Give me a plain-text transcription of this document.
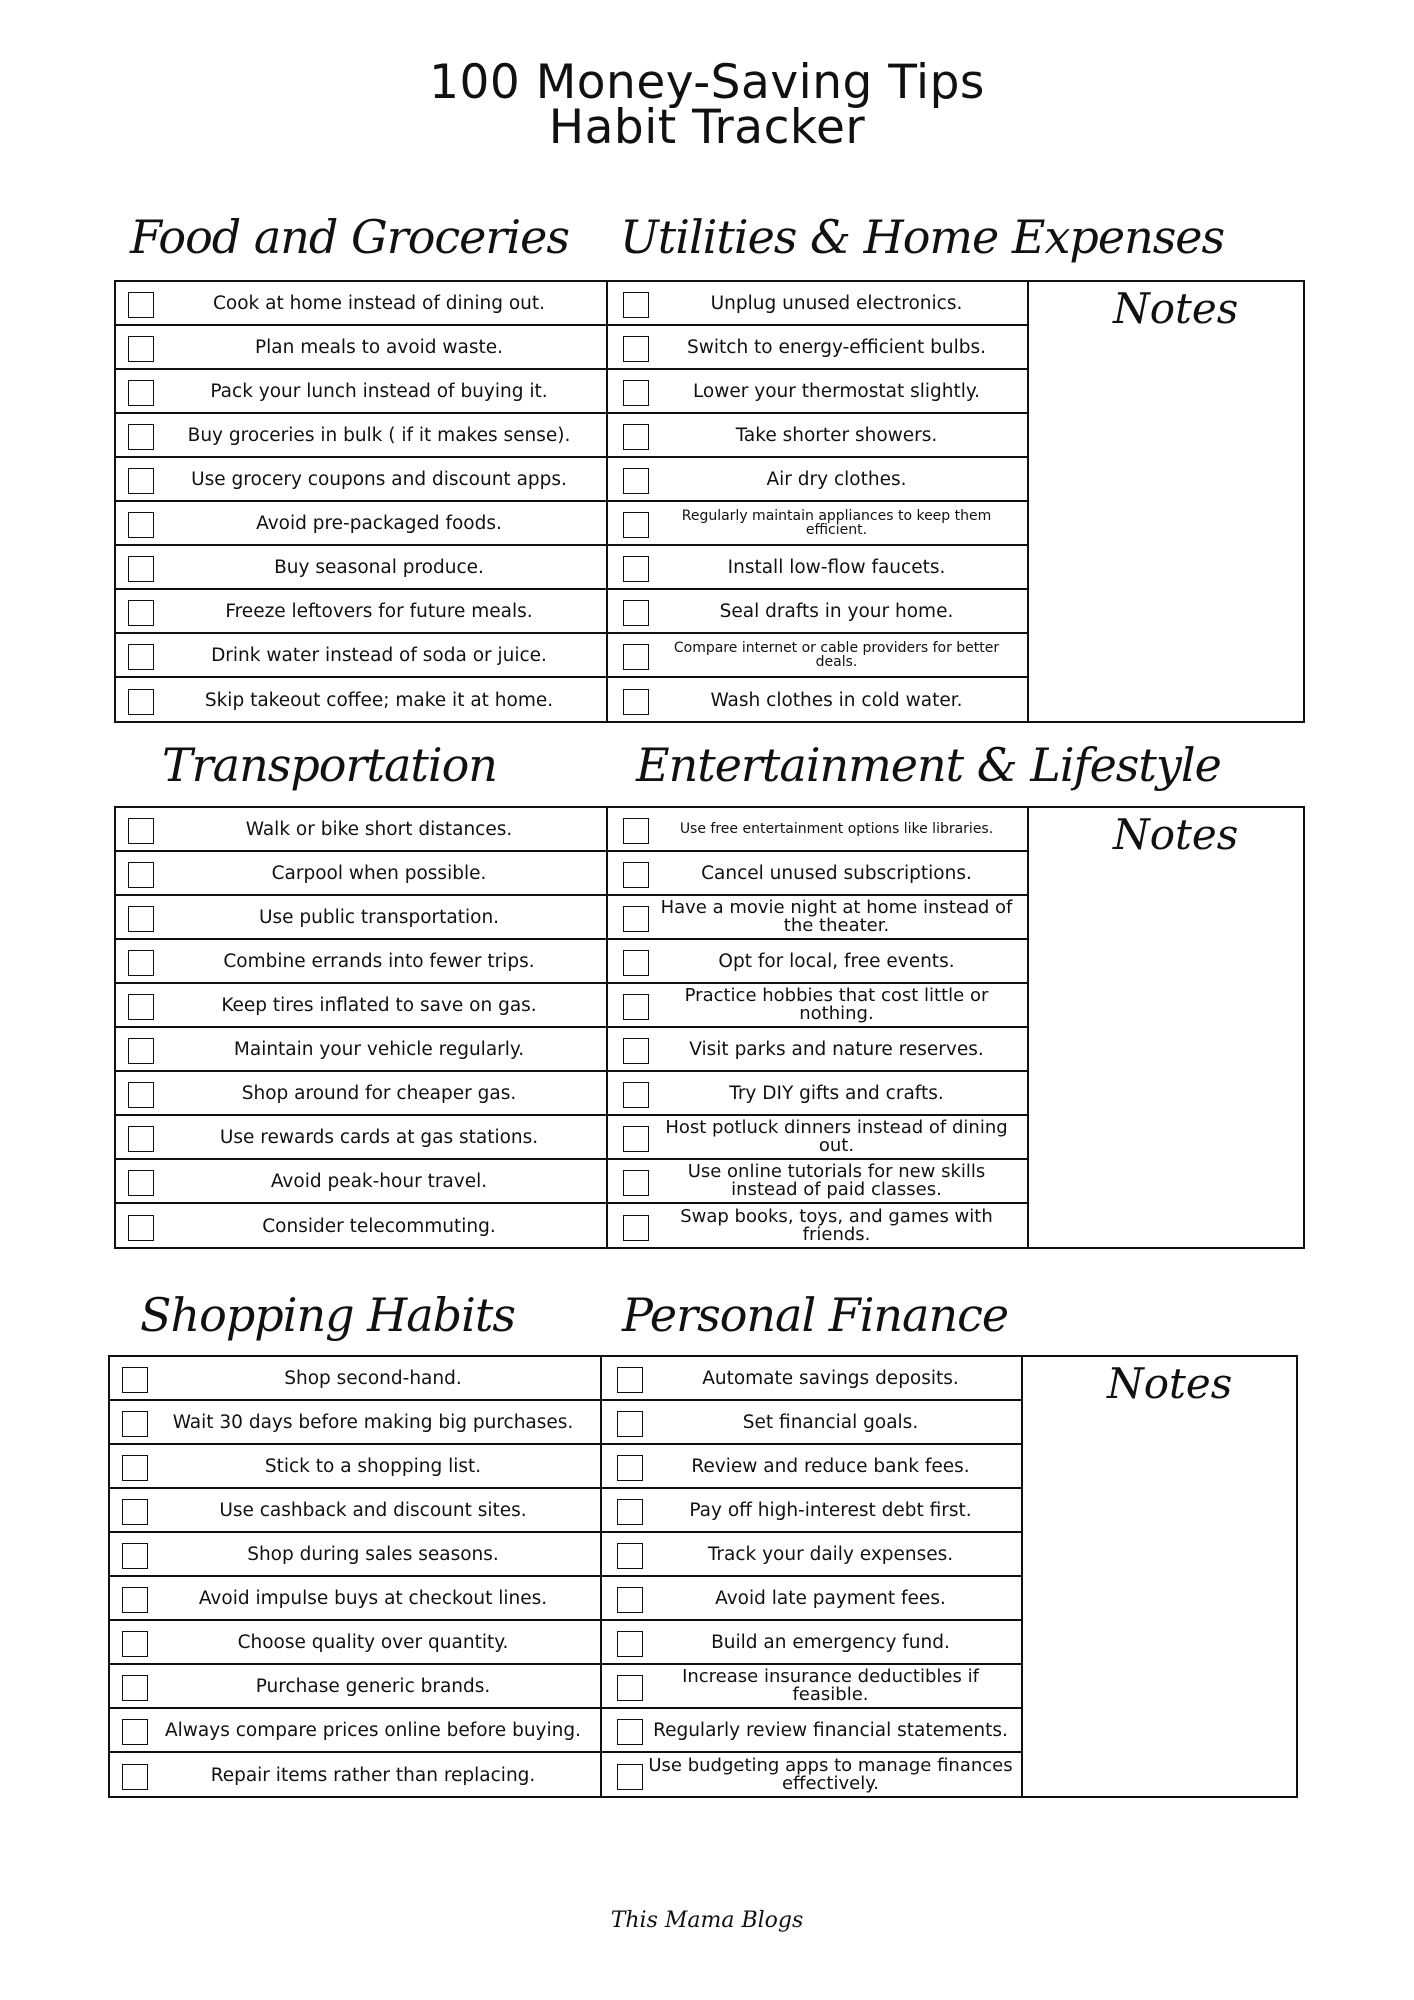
100 Money-Saving Tips
Habit Tracker
Food and Groceries Utilities & Home Expenses
Cook at home instead of dining out.
Plan meals to avoid waste.
Pack your lunch instead of buying it.
Buy groceries in bulk ( if it makes sense).
Use grocery coupons and discount apps.
Avoid pre-packaged foods.
Buy seasonal produce.
Freeze leftovers for future meals.
Drink water instead of soda or juice.
Skip takeout coffee; make it at home.
Unplug unused electronics.
Switch to energy-efficient bulbs.
Lower your thermostat slightly.
Take shorter showers.
Air dry clothes.
Regularly maintain appliances to keep them efficient.
Install low-flow faucets.
Seal drafts in your home.
Compare internet or cable providers for better deals.
Wash clothes in cold water.
Notes
Transportation	Entertainment & Lifestyle
Walk or bike short distances.
Carpool when possible.
Use public transportation.
Combine errands into fewer trips.
Keep tires inflated to save on gas.
Maintain your vehicle regularly.
Shop around for cheaper gas.
Use rewards cards at gas stations.
Avoid peak-hour travel.
Consider telecommuting.
Use free entertainment options like libraries.
Cancel unused subscriptions.
Have a movie night at home instead of the theater.
Opt for local, free events.
Practice hobbies that cost little or nothing.
Visit parks and nature reserves.
Try DIY gifts and crafts.
Host potluck dinners instead of dining out.
Use online tutorials for new skills instead of paid classes.
Swap books, toys, and games with friends.
Notes
Shopping Habits Personal Finance
Shop second-hand.
Wait 30 days before making big purchases.
Stick to a shopping list.
Use cashback and discount sites.
Shop during sales seasons.
Avoid impulse buys at checkout lines.
Choose quality over quantity.
Purchase generic brands.
Always compare prices online before buying.
Repair items rather than replacing.
Automate savings deposits.
Set financial goals.
Review and reduce bank fees.
Pay off high-interest debt first.
Track your daily expenses.
Avoid late payment fees.
Build an emergency fund.
Increase insurance deductibles if feasible.
Regularly review financial statements.
Use budgeting apps to manage finances effectively.
Notes
This Mama Blogs
